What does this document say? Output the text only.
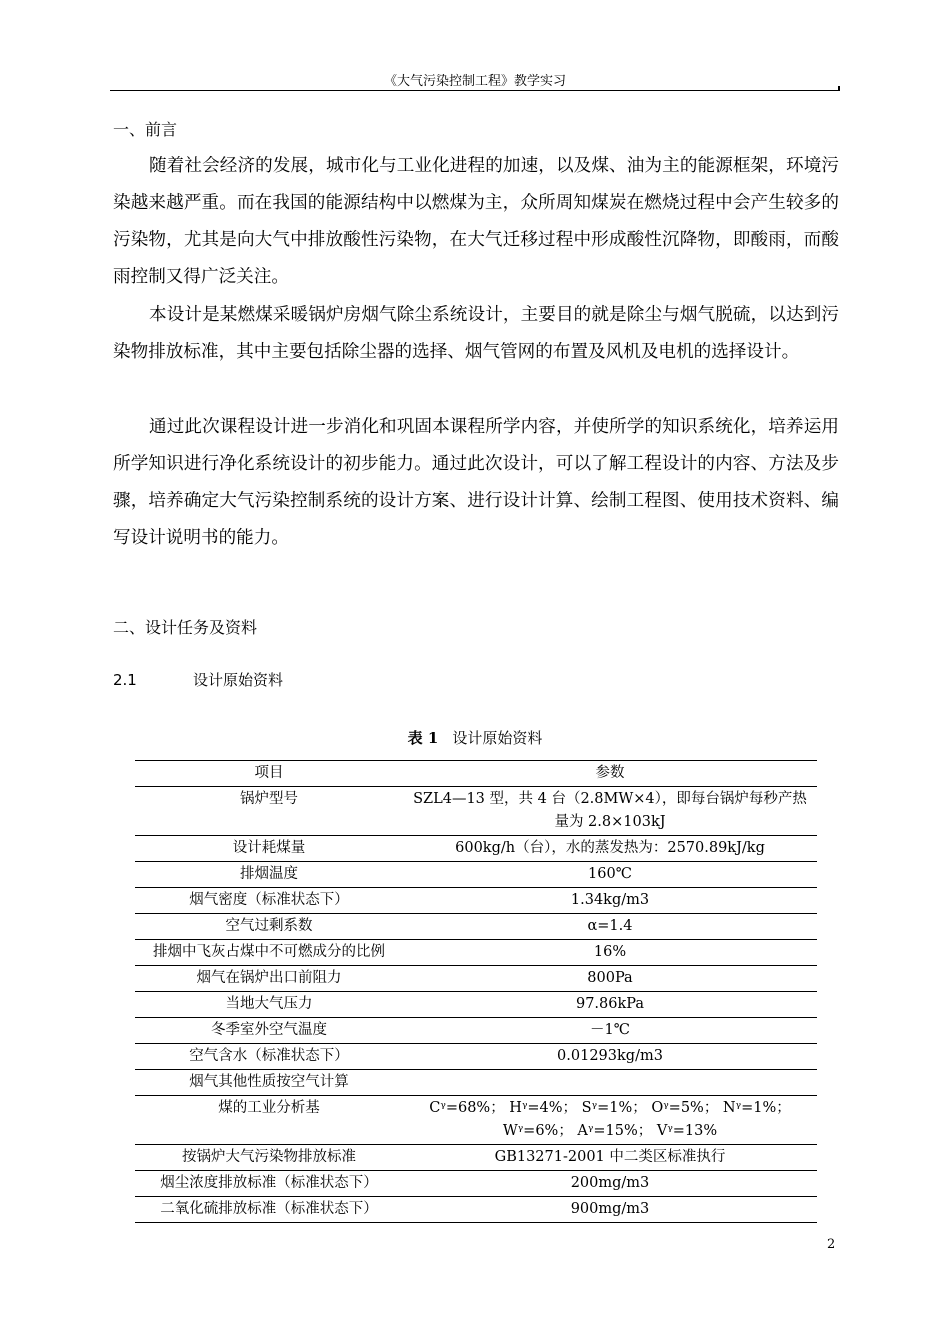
《大气污染控制工程》教学实习
一、前言

随着社会经济的发展，城市化与工业化进程的加速，以及煤、油为主的能源框架，环境污染越来越严重。而在我国的能源结构中以燃煤为主，众所周知煤炭在燃烧过程中会产生较多的污染物，尤其是向大气中排放酸性污染物，在大气迁移过程中形成酸性沉降物，即酸雨，而酸雨控制又得广泛关注。

本设计是某燃煤采暖锅炉房烟气除尘系统设计，主要目的就是除尘与烟气脱硫，以达到污染物排放标准，其中主要包括除尘器的选择、烟气管网的布置及风机及电机的选择设计。

通过此次课程设计进一步消化和巩固本课程所学内容，并使所学的知识系统化，培养运用所学知识进行净化系统设计的初步能力。通过此次设计，可以了解工程设计的内容、方法及步骤，培养确定大气污染控制系统的设计方案、进行设计计算、绘制工程图、使用技术资料、编写设计说明书的能力。

二、设计任务及资料
2.1	设计原始资料
表 1 设计原始资料
项目	参数
锅炉型号	SZL4—13 型，共 4 台（2.8MW×4），即每台锅炉每秒产热量为 2.8×103kJ
设计耗煤量	600kg/h（台），水的蒸发热为：2570.89kJ/kg
排烟温度	160℃
烟气密度（标准状态下）	1.34kg/m3
空气过剩系数	α=1.4
排烟中飞灰占煤中不可燃成分的比例	16%
烟气在锅炉出口前阻力	800Pa
当地大气压力	97.86kPa
冬季室外空气温度	－1℃
空气含水（标准状态下）	0.01293kg/m3
烟气其他性质按空气计算	
煤的工业分析基	Cᵞ=68%； Hᵞ=4%； Sᵞ=1%； Oᵞ=5%； Nᵞ=1%； Wᵞ=6%； Aᵞ=15%； Vᵞ=13%
按锅炉大气污染物排放标准	GB13271-2001 中二类区标准执行
烟尘浓度排放标准（标准状态下）	200mg/m3
二氧化硫排放标准（标准状态下）	900mg/m3
2
